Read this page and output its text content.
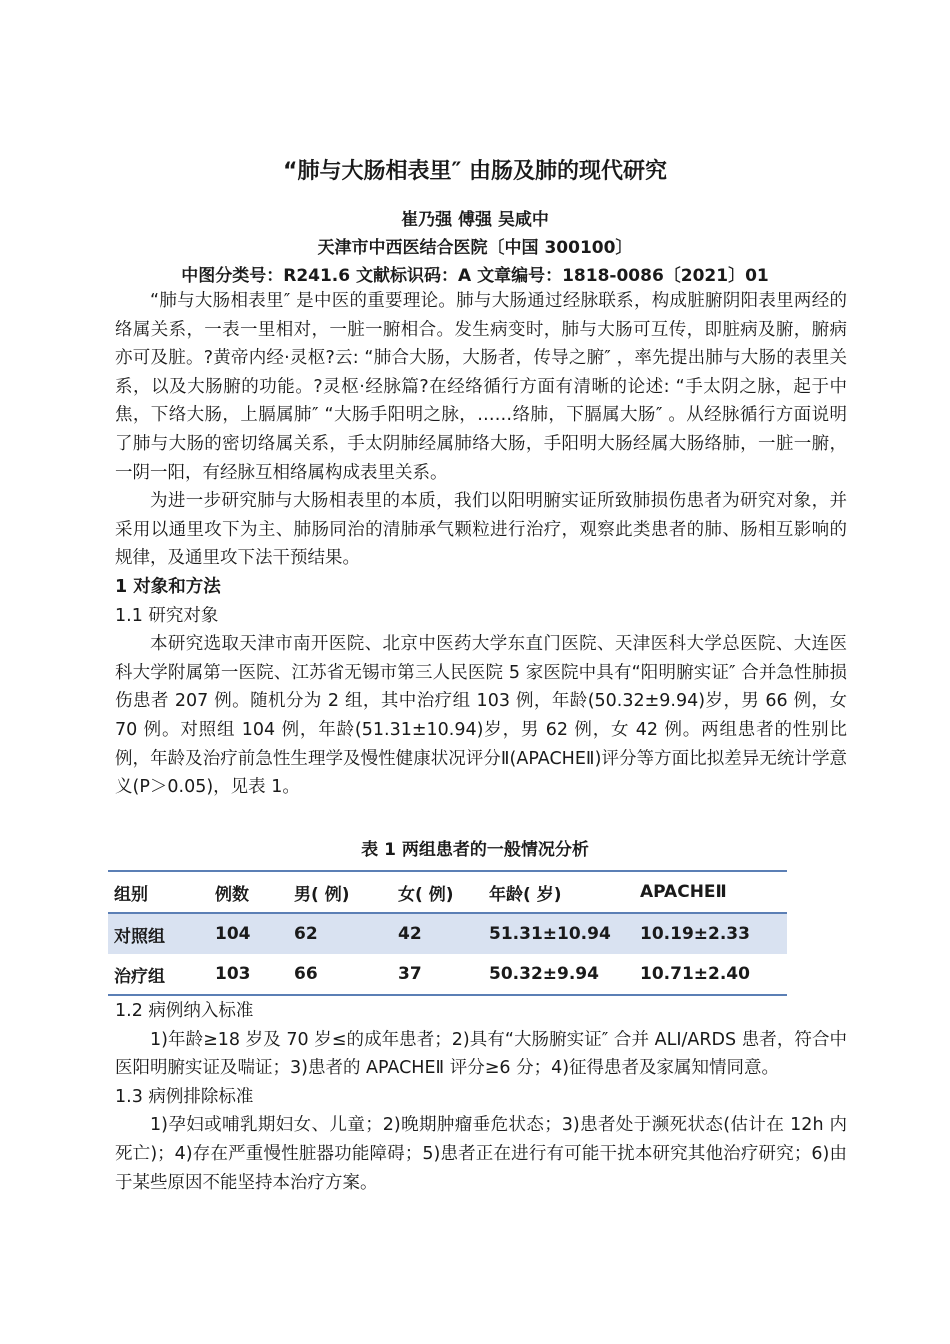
“肺与大肠相表里″ 由肠及肺的现代研究
崔乃强 傅强 吴咸中
天津市中西医结合医院〔中国 300100〕
中图分类号：R241.6 文献标识码：A 文章编号：1818-0086〔2021〕01

“肺与大肠相表里″ 是中医的重要理论。肺与大肠通过经脉联系，构成脏腑阴阳表里两经的络属关系，一表一里相对，一脏一腑相合。发生病变时，肺与大肠可互传，即脏病及腑，腑病亦可及脏。?黄帝内经·灵枢?云: “肺合大肠，大肠者，传导之腑″ ，率先提出肺与大肠的表里关系，以及大肠腑的功能。?灵枢·经脉篇?在经络循行方面有清晰的论述: “手太阴之脉，起于中焦，下络大肠，上膈属肺″ “大肠手阳明之脉，……络肺，下膈属大肠″ 。从经脉循行方面说明了肺与大肠的密切络属关系，手太阴肺经属肺络大肠，手阳明大肠经属大肠络肺，一脏一腑，一阴一阳，有经脉互相络属构成表里关系。

为进一步研究肺与大肠相表里的本质，我们以阳明腑实证所致肺损伤患者为研究对象，并采用以通里攻下为主、肺肠同治的清肺承气颗粒进行治疗，观察此类患者的肺、肠相互影响的规律，及通里攻下法干预结果。

1 对象和方法

1.1 研究对象

本研究选取天津市南开医院、北京中医药大学东直门医院、天津医科大学总医院、大连医科大学附属第一医院、江苏省无锡市第三人民医院 5 家医院中具有“阳明腑实证″ 合并急性肺损伤患者 207 例。随机分为 2 组，其中治疗组 103 例，年龄(50.32±9.94)岁，男 66 例，女 70 例。对照组 104 例，年龄(51.31±10.94)岁，男 62 例，女 42 例。两组患者的性别比例，年龄及治疗前急性生理学及慢性健康状况评分Ⅱ(APACHEⅡ)评分等方面比拟差异无统计学意义(P＞0.05)，见表 1。

表 1 两组患者的一般情况分析
组别	例数	男( 例)	女( 例)	年龄( 岁)	APACHEⅡ
对照组	104	62	42	51.31±10.94	10.19±2.33
治疗组	103	66	37	50.32±9.94	10.71±2.40

1.2 病例纳入标准

1)年龄≥18 岁及 70 岁≤的成年患者；2)具有“大肠腑实证″ 合并 ALI/ARDS 患者，符合中医阳明腑实证及喘证；3)患者的 APACHEⅡ 评分≥6 分；4)征得患者及家属知情同意。

1.3 病例排除标准

1)孕妇或哺乳期妇女、儿童；2)晚期肿瘤垂危状态；3)患者处于濒死状态(估计在 12h 内死亡)；4)存在严重慢性脏器功能障碍；5)患者正在进行有可能干扰本研究其他治疗研究；6)由于某些原因不能坚持本治疗方案。
